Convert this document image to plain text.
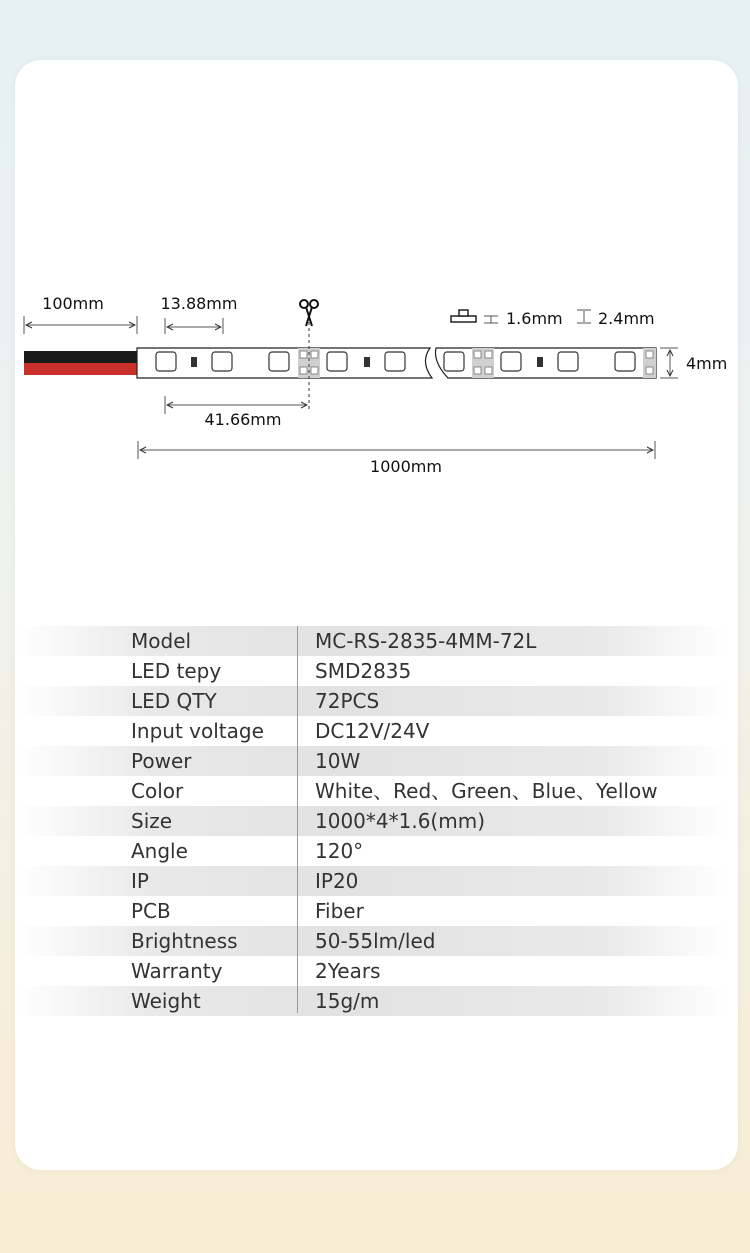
100mm	13.88mm
1.6mm 2.4mm
4mm
41.66mm
1000mm
Model	MC-RS-2835-4MM-72L
LED tepy	SMD2835
LED QTY	72PCS
Input voltage	DC12V/24V
Power	10W
Color	White、Red、Green、Blue、Yellow
Size	1000*4*1.6(mm)
Angle	120°
IP	IP20
PCB	Fiber
Brightness	50-55lm/led
Warranty	2Years
Weight	15g/m
